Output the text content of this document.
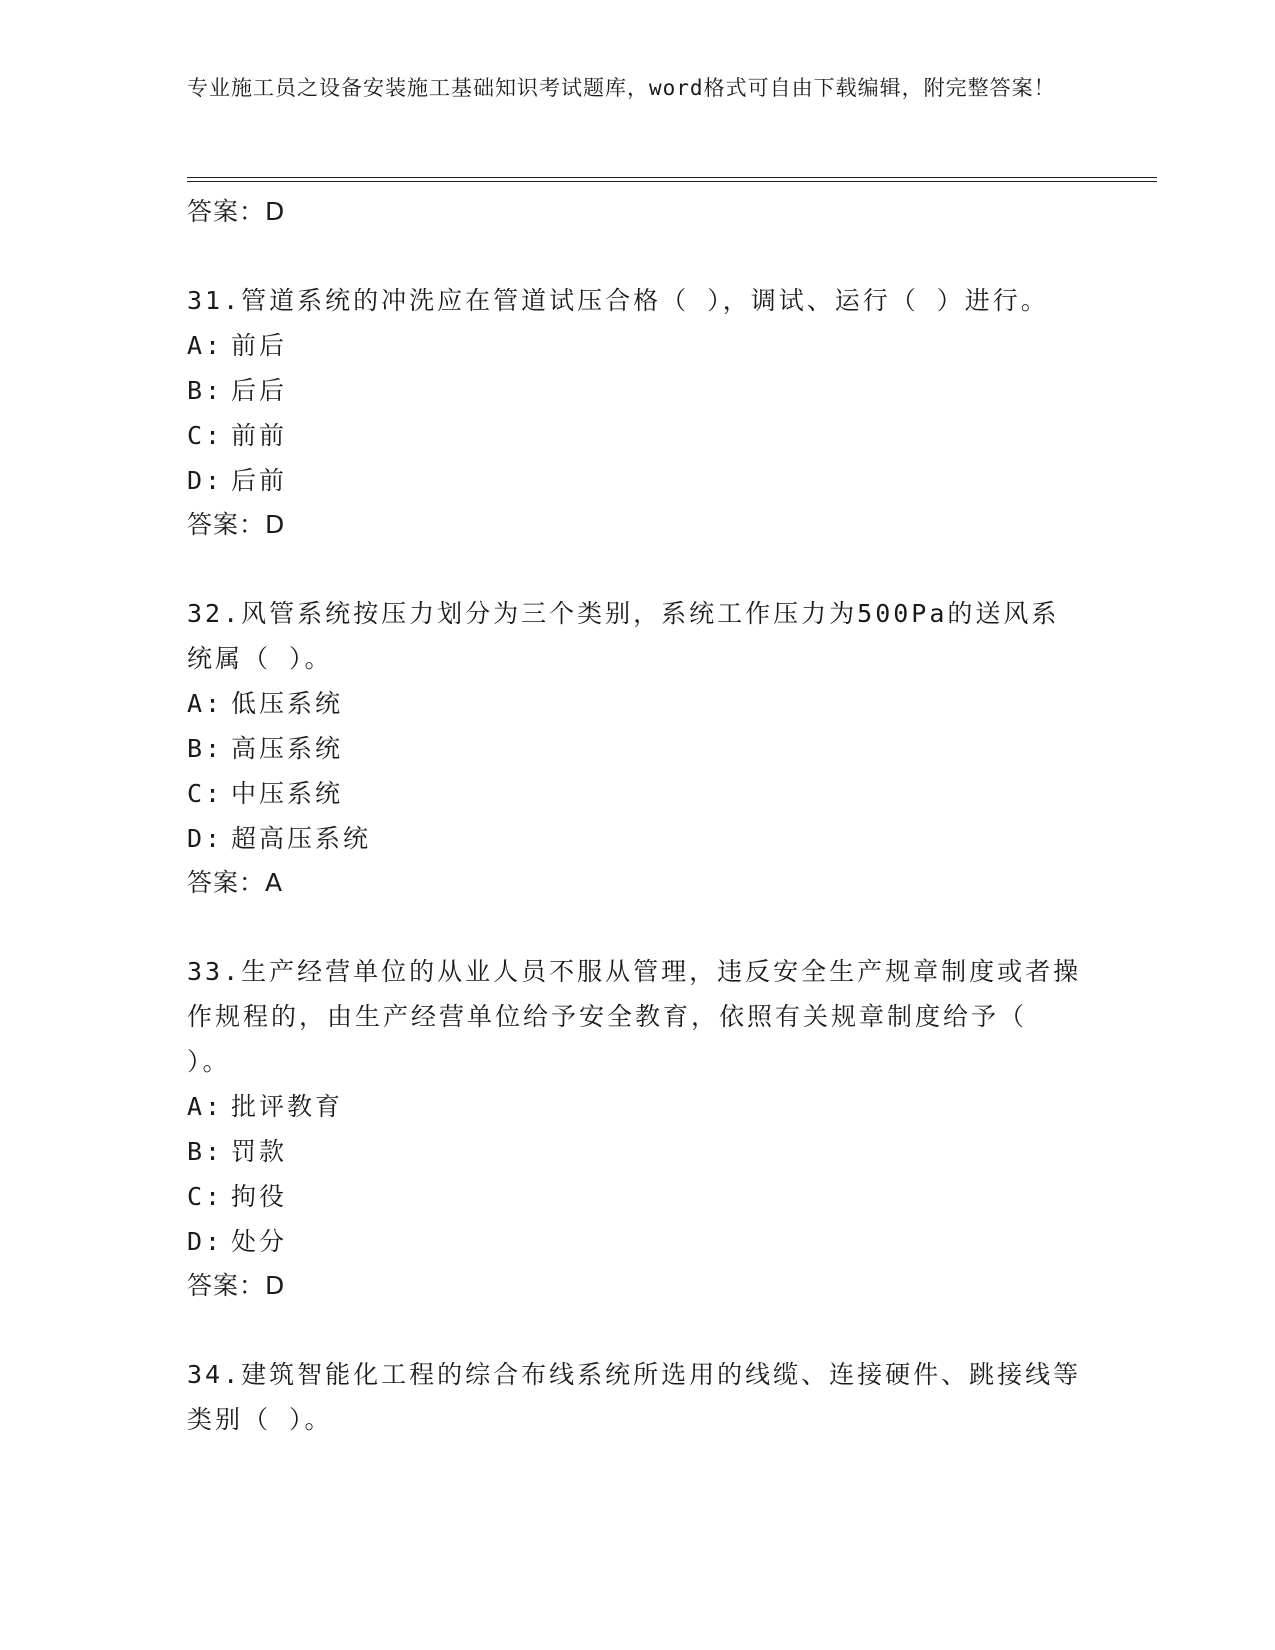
专业施工员之设备安装施工基础知识考试题库，word格式可自由下载编辑，附完整答案！
答案：D
31.管道系统的冲洗应在管道试压合格（ ），调试、运行（ ）进行。
A: 前后
B: 后后
C: 前前
D: 后前
答案：D
32.风管系统按压力划分为三个类别，系统工作压力为500Pa的送风系统属（ ）。
A: 低压系统
B: 高压系统
C: 中压系统
D: 超高压系统
答案：A
33.生产经营单位的从业人员不服从管理，违反安全生产规章制度或者操作规程的，由生产经营单位给予安全教育，依照有关规章制度给予（ ）。
A: 批评教育
B: 罚款
C: 拘役
D: 处分
答案：D
34.建筑智能化工程的综合布线系统所选用的线缆、连接硬件、跳接线等类别（ ）。
